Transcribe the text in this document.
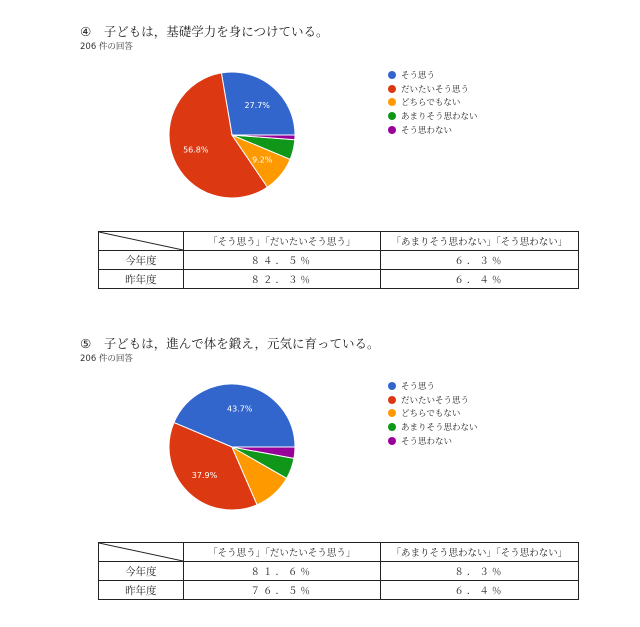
④　子どもは，基礎学力を身につけている。
206 件の回答
27.7%
56.8%
9.2%
そう思う
だいたいそう思う
どちらでもない
あまりそう思わない
そう思わない
	「そう思う」「だいたいそう思う」	「あまりそう思わない」「そう思わない」
今年度	８４．５％	６．３％
昨年度	８２．３％	６．４％
⑤　子どもは，進んで体を鍛え，元気に育っている。
206 件の回答
43.7%
37.9%
そう思う
だいたいそう思う
どちらでもない
あまりそう思わない
そう思わない
	「そう思う」「だいたいそう思う」	「あまりそう思わない」「そう思わない」
今年度	８１．６％	８．３％
昨年度	７６．５％	６．４％
